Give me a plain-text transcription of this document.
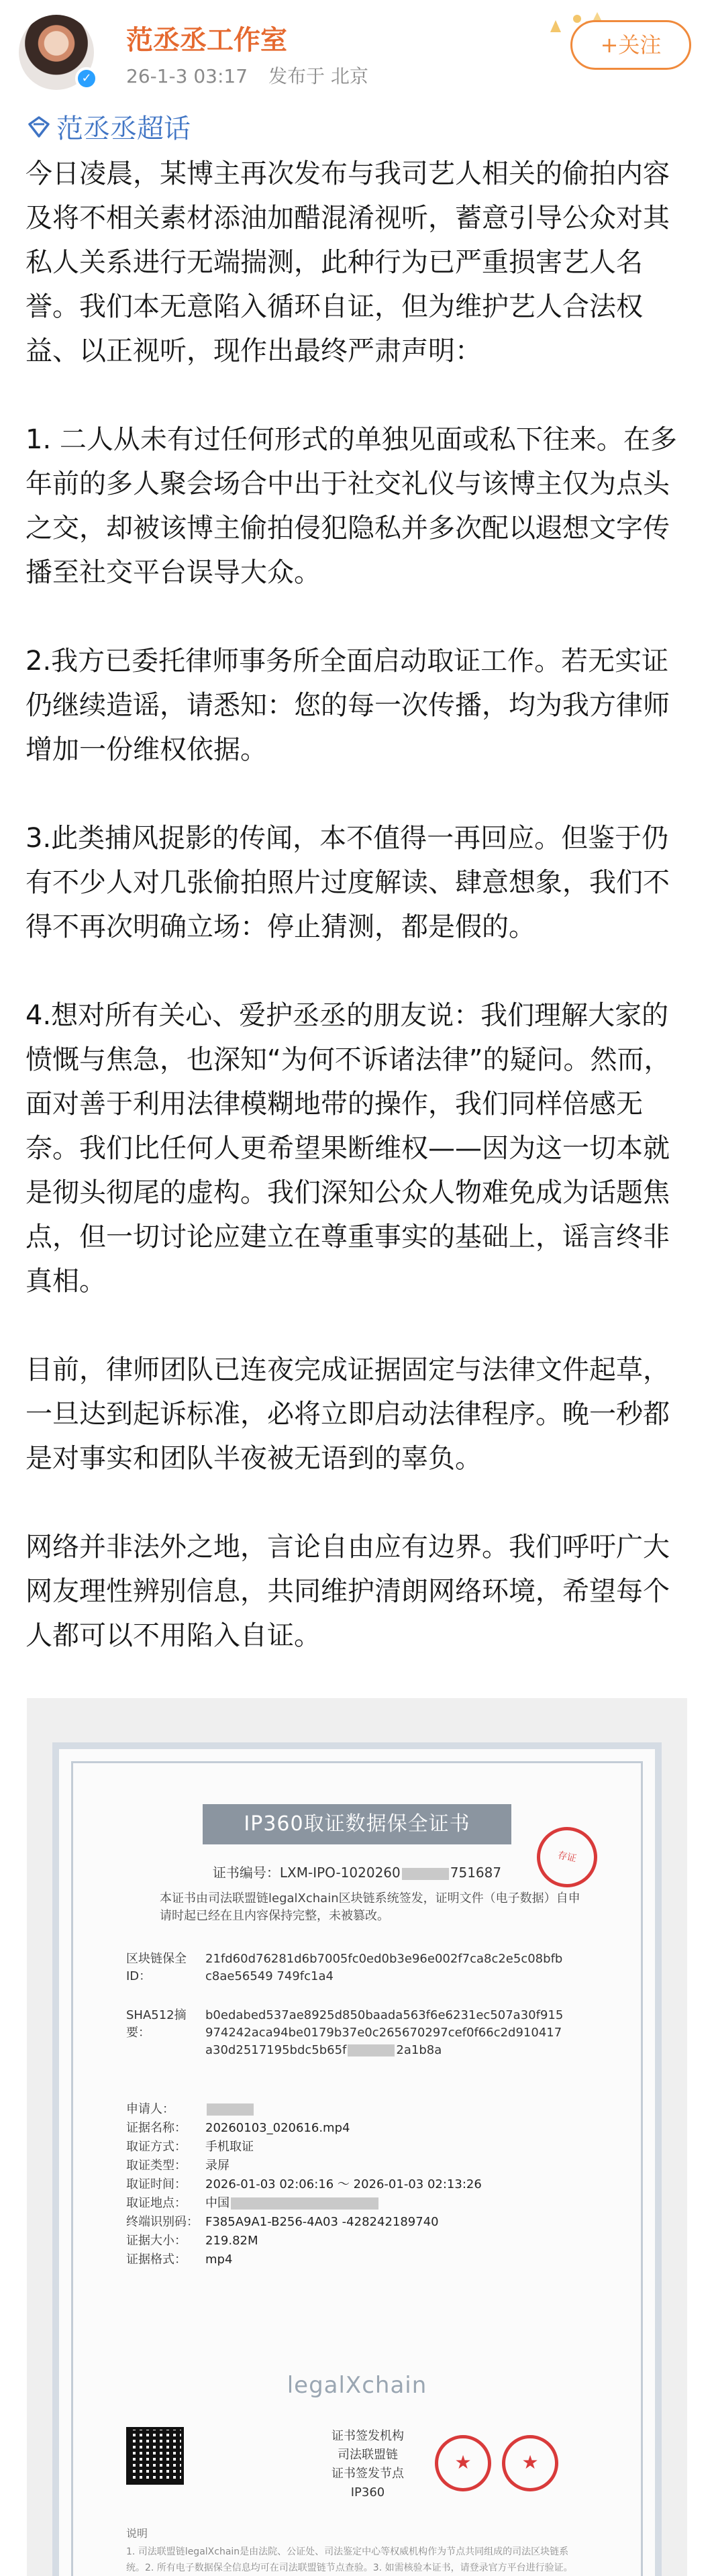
✓
范丞丞工作室
26-1-3 03:17 发布于 北京
+关注
范丞丞超话

今日凌晨，某博主再次发布与我司艺人相关的偷拍内容及将不相关素材添油加醋混淆视听，蓄意引导公众对其私人关系进行无端揣测，此种行为已严重损害艺人名誉。我们本无意陷入循环自证，但为维护艺人合法权益、以正视听，现作出最终严肃声明：

1. 二人从未有过任何形式的单独见面或私下往来。在多年前的多人聚会场合中出于社交礼仪与该博主仅为点头之交，却被该博主偷拍侵犯隐私并多次配以遐想文字传播至社交平台误导大众。

2.我方已委托律师事务所全面启动取证工作。若无实证仍继续造谣，请悉知：您的每一次传播，均为我方律师增加一份维权依据。

3.此类捕风捉影的传闻，本不值得一再回应。但鉴于仍有不少人对几张偷拍照片过度解读、肆意想象，我们不得不再次明确立场：停止猜测，都是假的。

4.想对所有关心、爱护丞丞的朋友说：我们理解大家的愤慨与焦急，也深知“为何不诉诸法律”的疑问。然而，面对善于利用法律模糊地带的操作，我们同样倍感无奈。我们比任何人更希望果断维权——因为这一切本就是彻头彻尾的虚构。我们深知公众人物难免成为话题焦点，但一切讨论应建立在尊重事实的基础上，谣言终非真相。

目前，律师团队已连夜完成证据固定与法律文件起草，一旦达到起诉标准，必将立即启动法律程序。晚一秒都是对事实和团队半夜被无语到的辜负。

网络并非法外之地，言论自由应有边界。我们呼吁广大网友理性辨别信息，共同维护清朗网络环境，希望每个人都可以不用陷入自证。

IP360取证数据保全证书
存证
证书编号：LXM-IPO-1020260	751687
本证书由司法联盟链legalXchain区块链系统签发，证明文件（电子数据）自申请时起已经在且内容保持完整，未被篡改。
区块链保全ID：21fd60d76281d6b7005fc0ed0b3e96e002f7ca8c2e5c08bfbc8ae56549 749fc1a4
SHA512摘要：b0edabed537ae8925d850baada563f6e6231ec507a30f915974242aca94be0179b37e0c265670297cef0f66c2d910417a30d2517195bdc5b65f	2a1b8a
申请人：
证据名称： 20260103_020616.mp4
取证方式： 手机取证
取证类型： 录屏
取证时间： 2026-01-03 02:06:16 ～ 2026-01-03 02:13:26
取证地点： 中国
终端识别码： F385A9A1-B256-4A03 -428242189740
证据大小： 219.82M
证据格式： mp4
legalXchain
证书签发机构
司法联盟链
证书签发节点
IP360
★	★
说明
1. 司法联盟链legalXchain是由法院、公证处、司法鉴定中心等权威机构作为节点共同组成的司法区块链系统。2. 所有电子数据保全信息均可在司法联盟链节点查验。3. 如需核验本证书，请登录官方平台进行验证。
